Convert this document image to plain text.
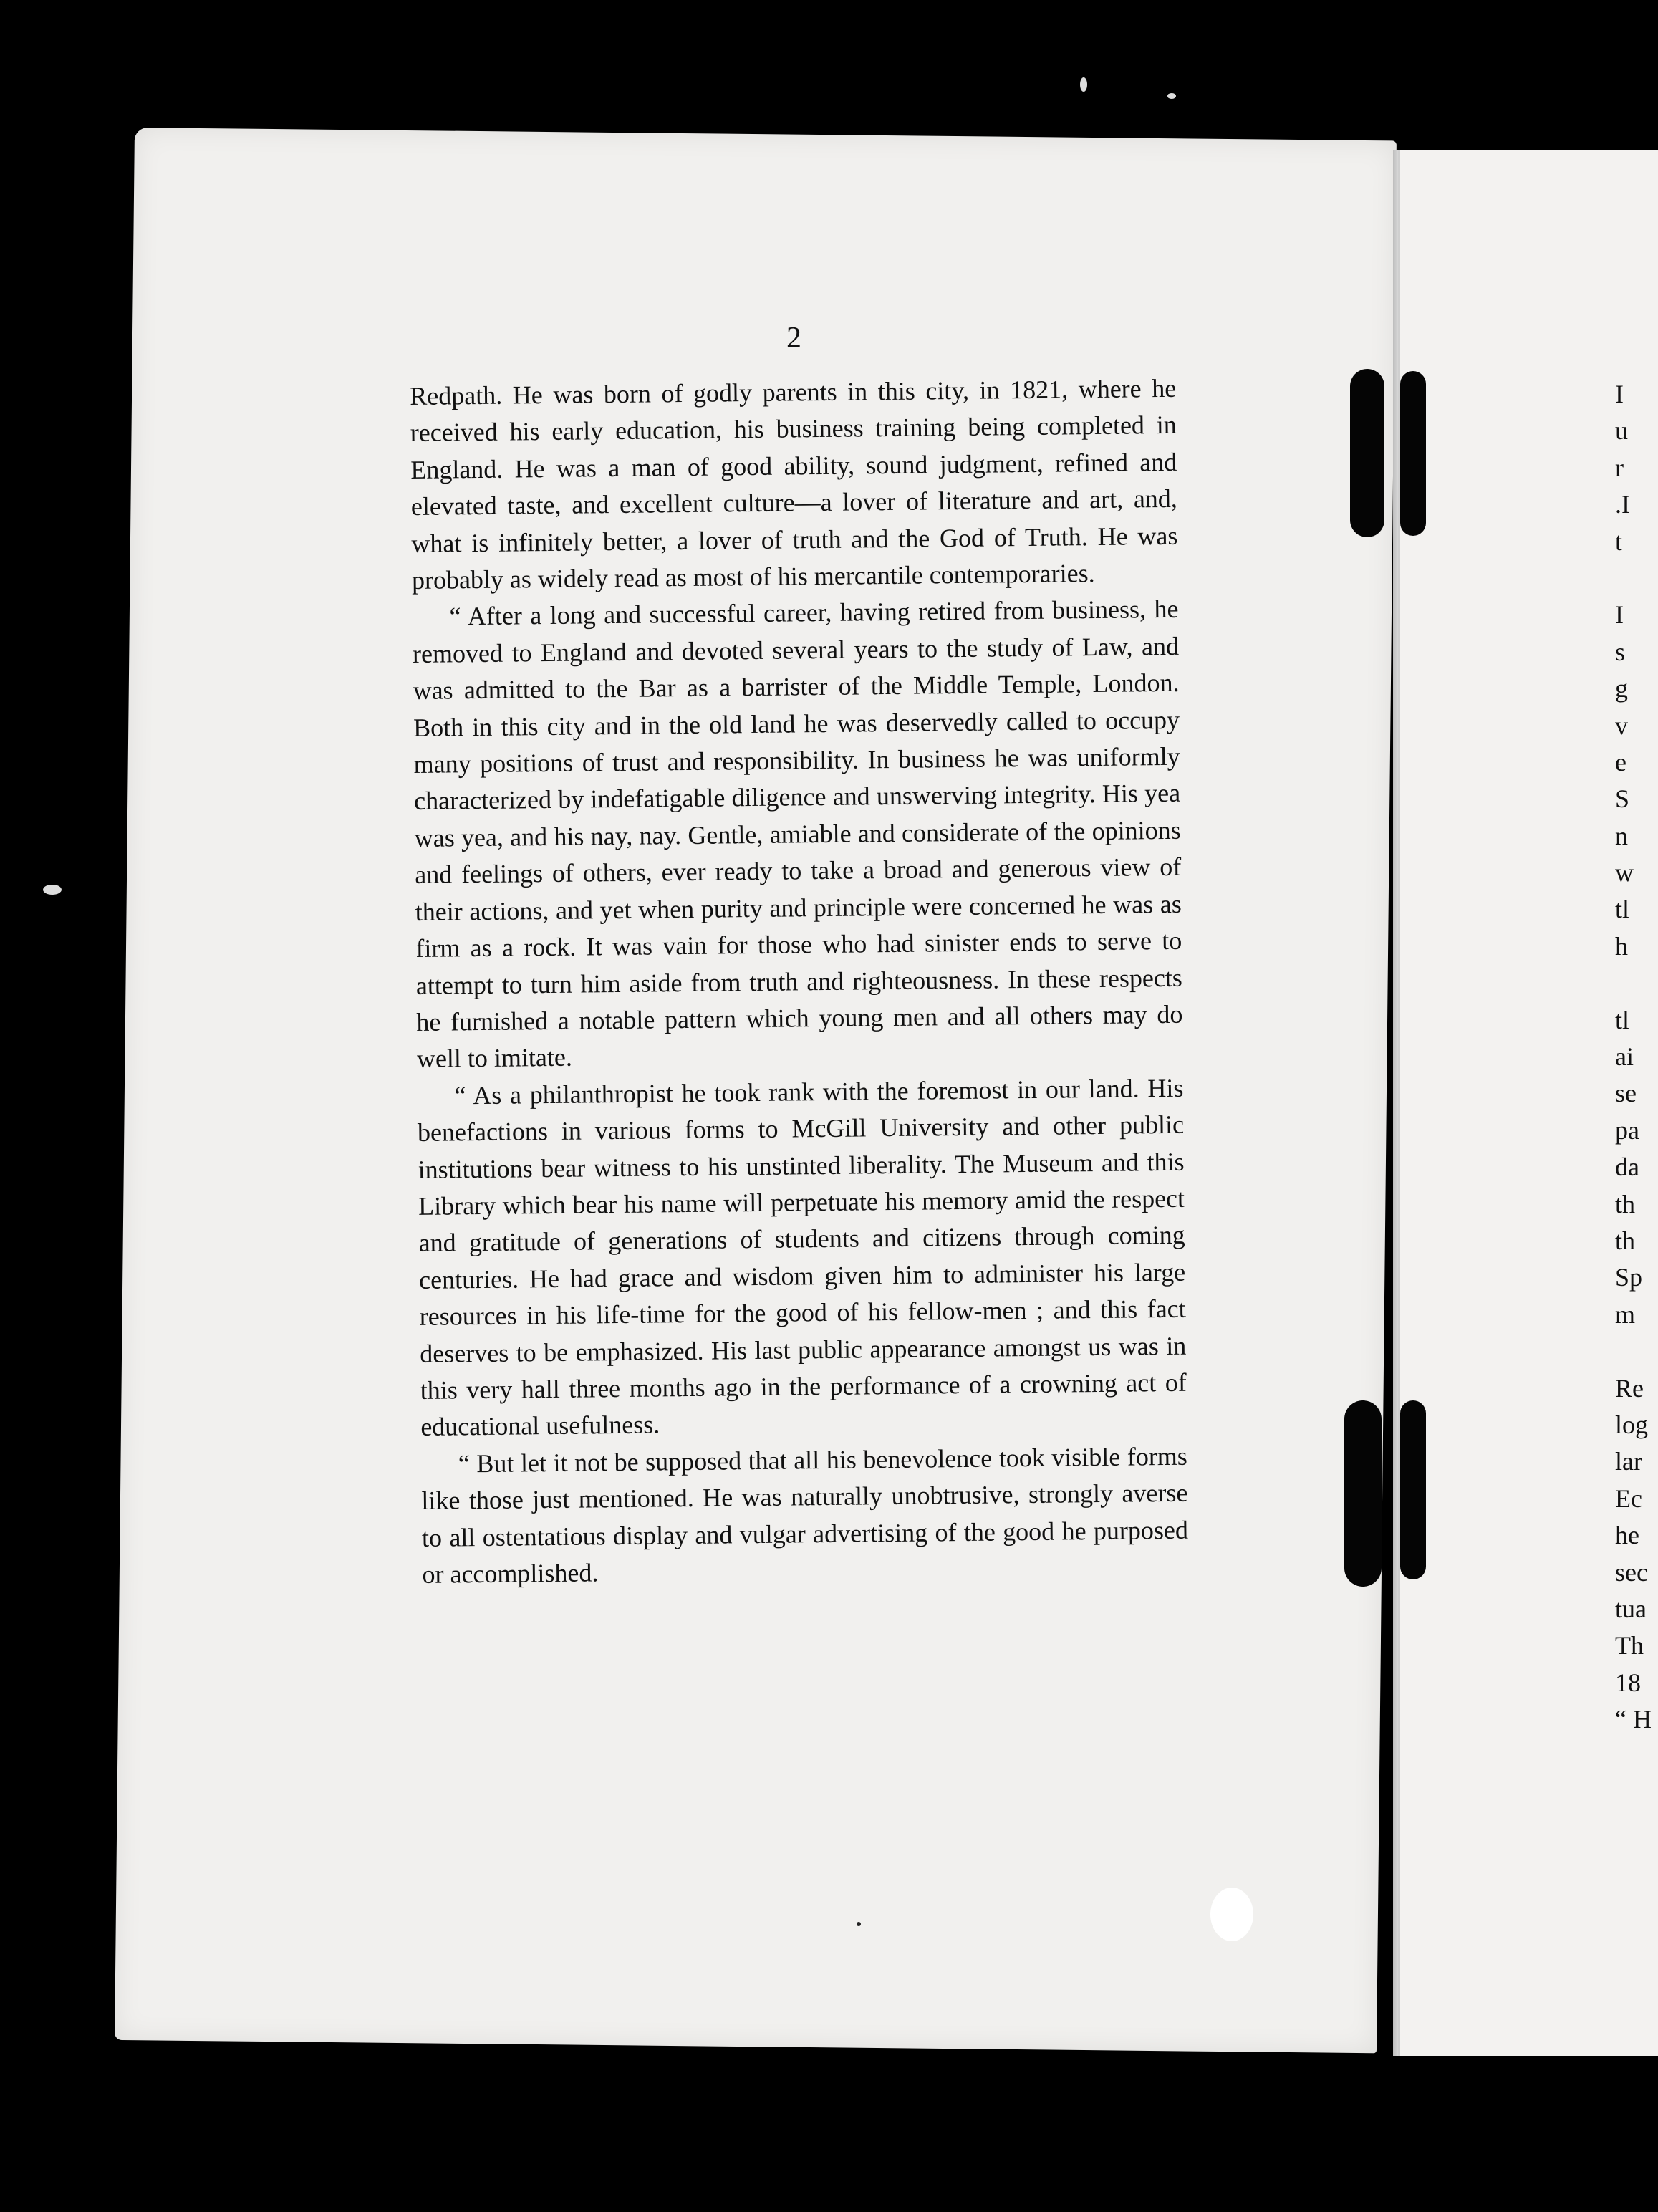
2

Redpath. He was born of godly parents in this city, in 1821, where he received his early education, his business training being completed in England. He was a man of good ability, sound judgment, refined and elevated taste, and excellent culture—a lover of literature and art, and, what is infinitely better, a lover of truth and the God of Truth. He was probably as widely read as most of his mercantile contemporaries.

“ After a long and successful career, having retired from business, he removed to England and devoted several years to the study of Law, and was admitted to the Bar as a barrister of the Middle Temple, London. Both in this city and in the old land he was deservedly called to occupy many positions of trust and responsibility. In business he was uniformly characterized by indefatigable diligence and unswerving integrity. His yea was yea, and his nay, nay. Gentle, amiable and considerate of the opinions and feelings of others, ever ready to take a broad and generous view of their actions, and yet when purity and principle were concerned he was as firm as a rock. It was vain for those who had sinister ends to serve to attempt to turn him aside from truth and righteousness. In these respects he furnished a notable pattern which young men and all others may do well to imitate.

“ As a philanthropist he took rank with the foremost in our land. His benefactions in various forms to McGill University and other public institutions bear witness to his unstinted liberality. The Museum and this Library which bear his name will perpetuate his memory amid the respect and gratitude of generations of students and citizens through coming centuries. He had grace and wisdom given him to administer his large resources in his life-time for the good of his fellow-men ; and this fact deserves to be emphasized. His last public appearance amongst us was in this very hall three months ago in the performance of a crowning act of educational usefulness.

“ But let it not be supposed that all his benevolence took visible forms like those just mentioned. He was naturally unobtrusive, strongly averse to all ostentatious display and vulgar advertising of the good he purposed or accomplished.

I
u
r
.I
t
I
s
g
v
e
S
n
w
tl
h
tl
ai
se
pa
da
th
th
Sp
m
Re
log
lar
Ec
he
sec
tua
Th
18
“ H
